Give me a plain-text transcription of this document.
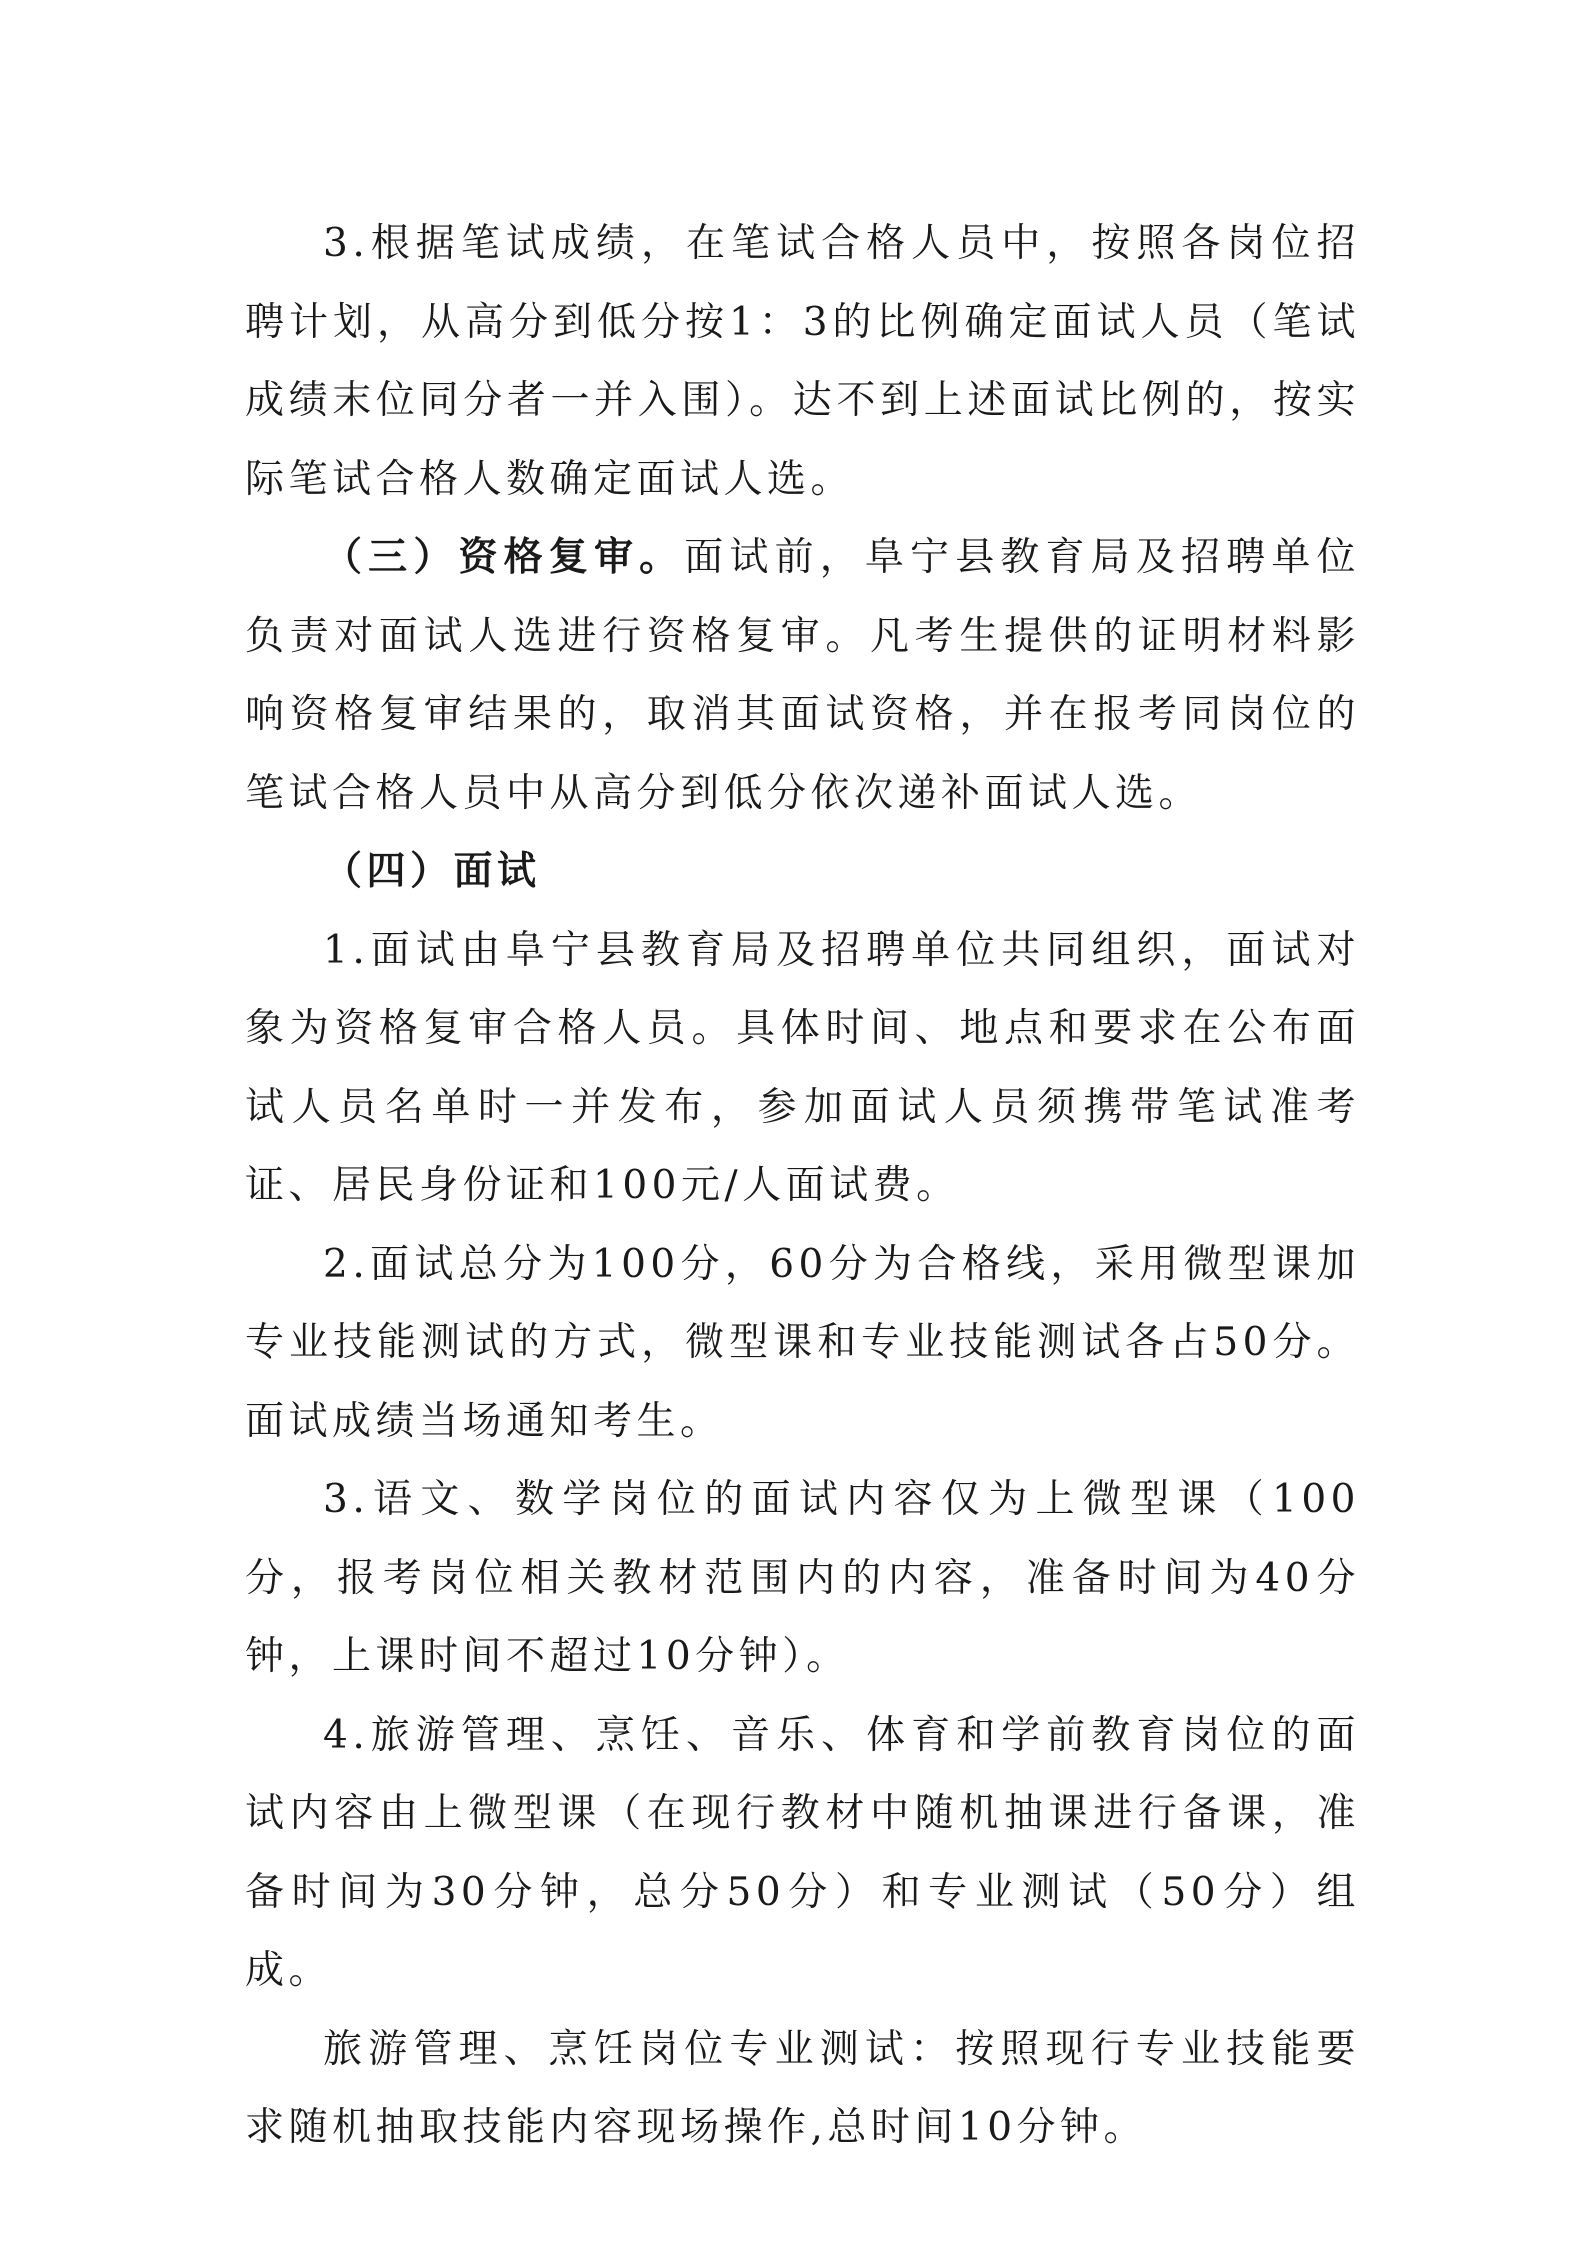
3.根据笔试成绩，在笔试合格人员中，按照各岗位招聘计划，从高分到低分按1：3的比例确定面试人员（笔试成绩末位同分者一并入围）。达不到上述面试比例的，按实际笔试合格人数确定面试人选。

（三）资格复审。面试前，阜宁县教育局及招聘单位负责对面试人选进行资格复审。凡考生提供的证明材料影响资格复审结果的，取消其面试资格，并在报考同岗位的笔试合格人员中从高分到低分依次递补面试人选。

（四）面试

1.面试由阜宁县教育局及招聘单位共同组织，面试对象为资格复审合格人员。具体时间、地点和要求在公布面试人员名单时一并发布，参加面试人员须携带笔试准考证、居民身份证和100元/人面试费。

2.面试总分为100分，60分为合格线，采用微型课加专业技能测试的方式，微型课和专业技能测试各占50分。面试成绩当场通知考生。

3.语文、数学岗位的面试内容仅为上微型课（100分，报考岗位相关教材范围内的内容，准备时间为40分钟，上课时间不超过10分钟）。

4.旅游管理、烹饪、音乐、体育和学前教育岗位的面试内容由上微型课（在现行教材中随机抽课进行备课，准备时间为30分钟，总分50分）和专业测试（50分）组成。

旅游管理、烹饪岗位专业测试：按照现行专业技能要求随机抽取技能内容现场操作,总时间10分钟。
